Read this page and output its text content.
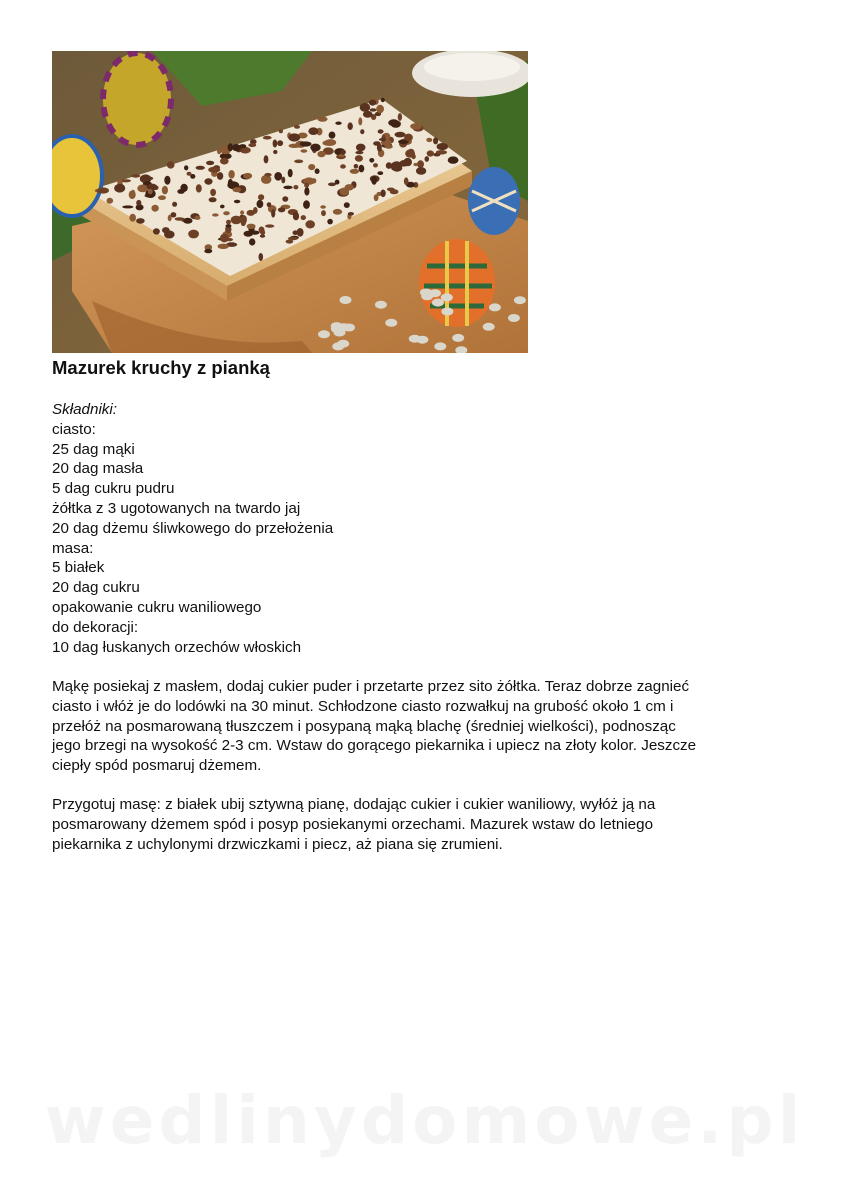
Mazurek kruchy z pianką
Składniki:
ciasto:
25 dag mąki
20 dag masła
5 dag cukru pudru
żółtka z 3 ugotowanych na twardo jaj
20 dag dżemu śliwkowego do przełożenia
masa:
5 białek
20 dag cukru
opakowanie cukru waniliowego
do dekoracji:
10 dag łuskanych orzechów włoskich

Mąkę posiekaj z masłem, dodaj cukier puder i przetarte przez sito żółtka. Teraz dobrze zagnieć
ciasto i włóż je do lodówki na 30 minut. Schłodzone ciasto rozwałkuj na grubość około 1 cm i
przełóż na posmarowaną tłuszczem i posypaną mąką blachę (średniej wielkości), podnosząc
jego brzegi na wysokość 2-3 cm. Wstaw do gorącego piekarnika i upiecz na złoty kolor. Jeszcze
ciepły spód posmaruj dżemem.

Przygotuj masę: z białek ubij sztywną pianę, dodając cukier i cukier waniliowy, wyłóż ją na
posmarowany dżemem spód i posyp posiekanymi orzechami. Mazurek wstaw do letniego
piekarnika z uchylonymi drzwiczkami i piecz, aż piana się zrumieni.

wedlinydomowe.pl
